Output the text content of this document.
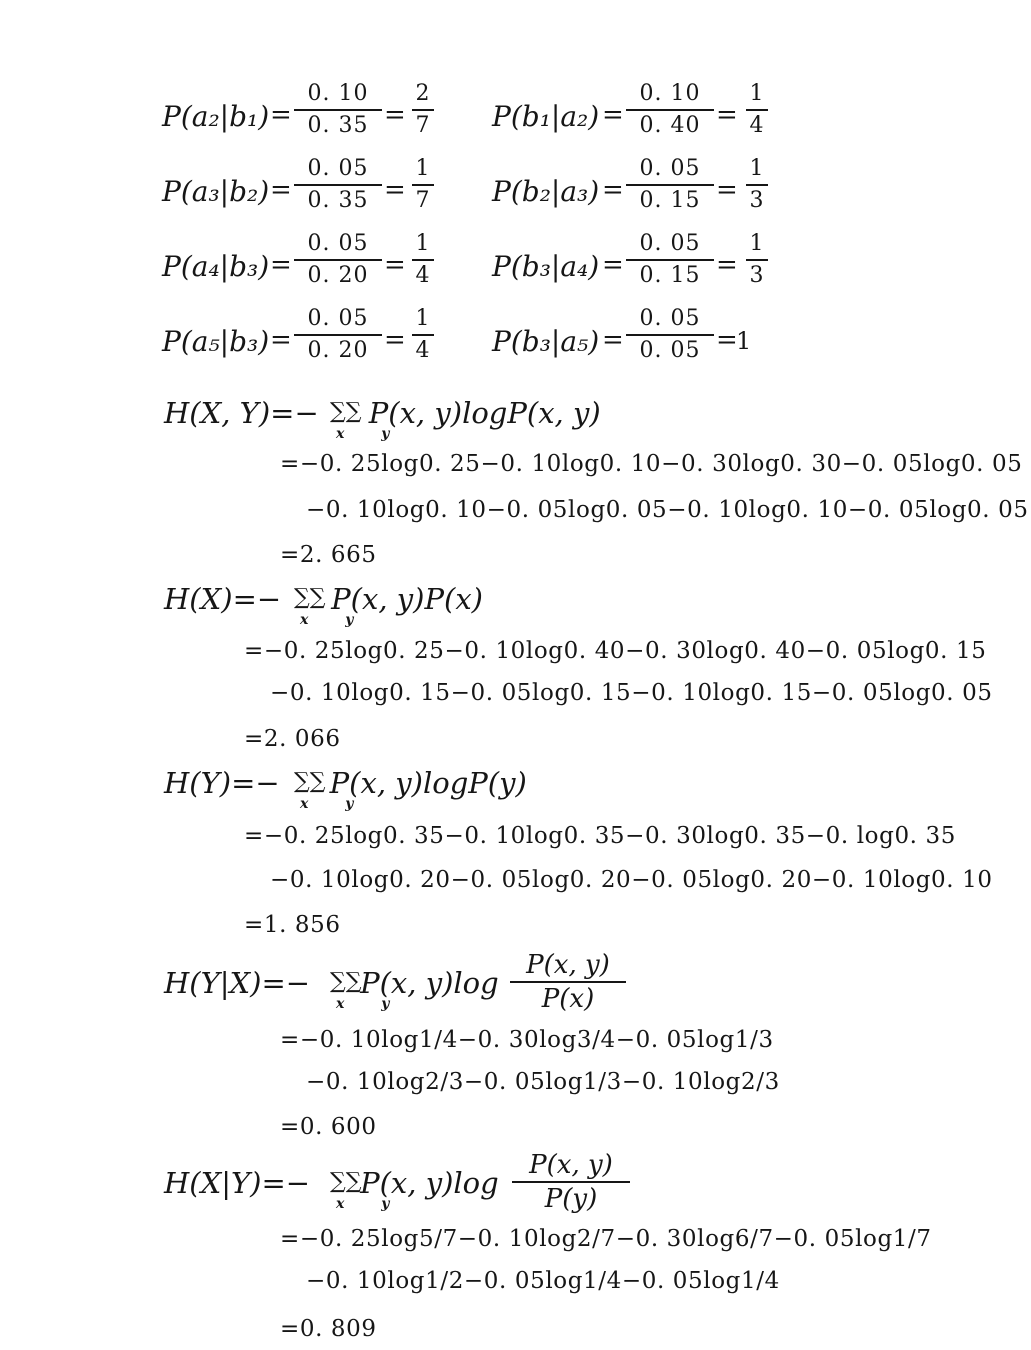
P(a₂|b₁) =
0. 10
0. 35 =
2
7 P(b₁|a₂) =
0. 10
0. 40 =
1
4
P(a₃|b₂) =
0. 05
0. 35 =
1
7 P(b₂|a₃) =
0. 05
0. 15 =
1
3
P(a₄|b₃) =
0. 05
0. 20 =
1
4 P(b₃|a₄) =
0. 05
0. 15 =
1
3
P(a₅|b₃) =
0. 05
0. 20 =
1
4 P(b₃|a₅) =
0. 05
0. 05 =
1
H(X, Y)=− P(x, y)logP(x, y)
∑∑
x y
=−0. 25log0. 25−0. 10log0. 10−0. 30log0. 30−0. 05log0. 05
−0. 10log0. 10−0. 05log0. 05−0. 10log0. 10−0. 05log0. 05
=2. 665
H(X)=− P(x, y)P(x)
∑∑
x y
=−0. 25log0. 25−0. 10log0. 40−0. 30log0. 40−0. 05log0. 15
−0. 10log0. 15−0. 05log0. 15−0. 10log0. 15−0. 05log0. 05
=2. 066
H(Y)=− P(x, y)logP(y)
∑∑
x y
=−0. 25log0. 35−0. 10log0. 35−0. 30log0. 35−0. log0. 35
−0. 10log0. 20−0. 05log0. 20−0. 05log0. 20−0. 10log0. 10
=1. 856
H(Y|X)=− P(x, y)log
∑∑
x y
P(x, y)
P(x)
=−0. 10log1/4−0. 30log3/4−0. 05log1/3
−0. 10log2/3−0. 05log1/3−0. 10log2/3
=0. 600
H(X|Y)=− P(x, y)log
∑∑
x y
P(x, y)
P(y)
=−0. 25log5/7−0. 10log2/7−0. 30log6/7−0. 05log1/7
−0. 10log1/2−0. 05log1/4−0. 05log1/4
=0. 809
